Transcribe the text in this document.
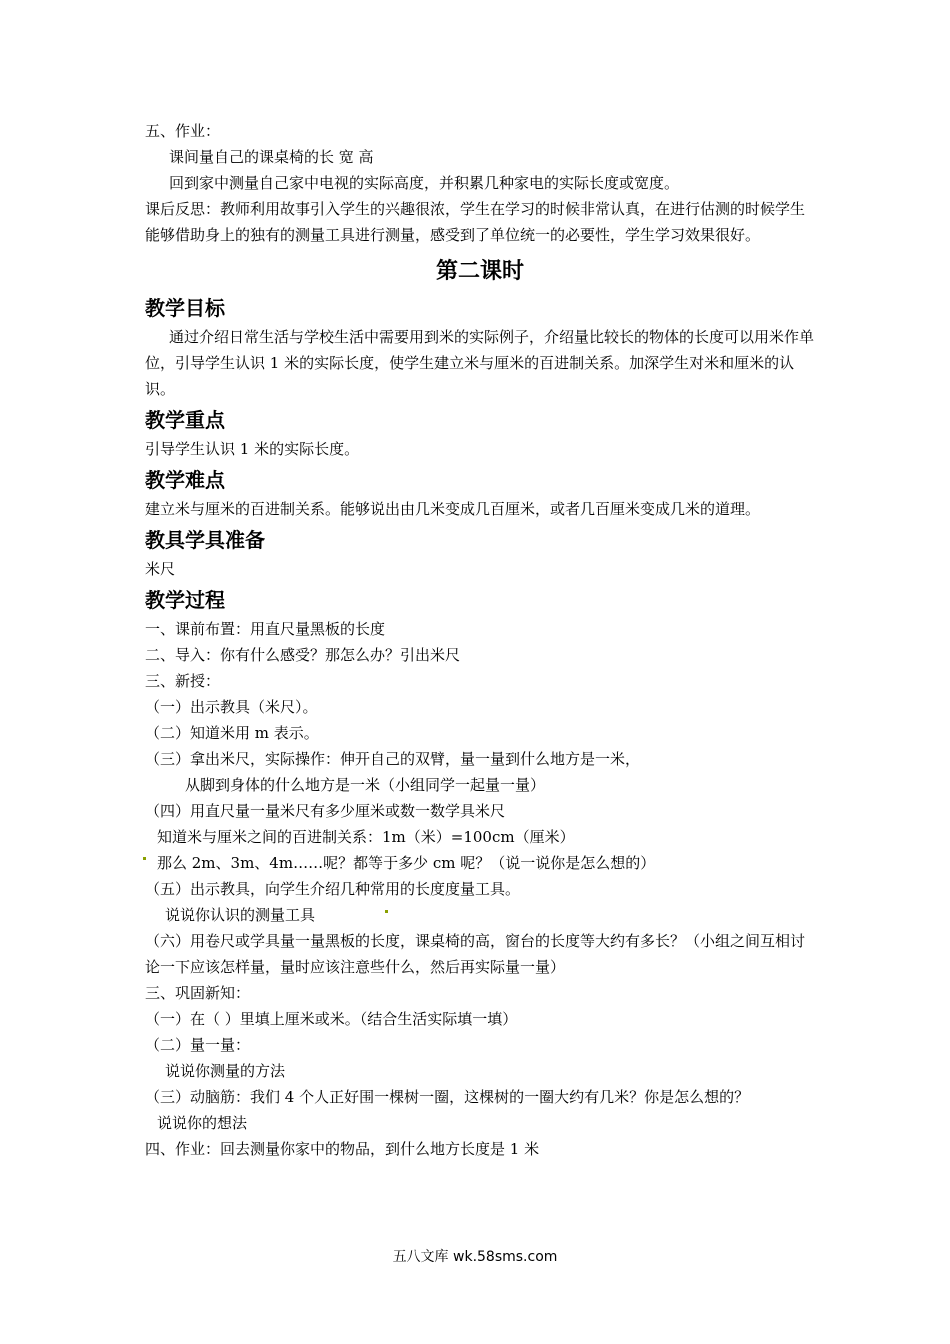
五、作业：
课间量自己的课桌椅的长 宽 高
回到家中测量自己家中电视的实际高度，并积累几种家电的实际长度或宽度。
课后反思：教师利用故事引入学生的兴趣很浓，学生在学习的时候非常认真，在进行估测的时候学生能够借助身上的独有的测量工具进行测量，感受到了单位统一的必要性，学生学习效果很好。
第二课时
教学目标
通过介绍日常生活与学校生活中需要用到米的实际例子，介绍量比较长的物体的长度可以用米作单位，引导学生认识 1 米的实际长度，使学生建立米与厘米的百进制关系。加深学生对米和厘米的认识。
教学重点
引导学生认识 1 米的实际长度。
教学难点
建立米与厘米的百进制关系。能够说出由几米变成几百厘米，或者几百厘米变成几米的道理。
教具学具准备
米尺
教学过程
一、课前布置：用直尺量黑板的长度
二、导入：你有什么感受？那怎么办？引出米尺
三、新授：
（一）出示教具（米尺）。
（二）知道米用 m 表示。
（三）拿出米尺，实际操作：伸开自己的双臂，量一量到什么地方是一米，
从脚到身体的什么地方是一米（小组同学一起量一量）
（四）用直尺量一量米尺有多少厘米或数一数学具米尺
知道米与厘米之间的百进制关系：1m（米）=100cm（厘米）
那么 2m、3m、4m……呢？都等于多少 cm 呢？（说一说你是怎么想的）
（五）出示教具，向学生介绍几种常用的长度度量工具。
说说你认识的测量工具
（六）用卷尺或学具量一量黑板的长度，课桌椅的高，窗台的长度等大约有多长？（小组之间互相讨论一下应该怎样量，量时应该注意些什么，然后再实际量一量）
三、巩固新知：
（一）在（ ）里填上厘米或米。（结合生活实际填一填）
（二）量一量：
说说你测量的方法
（三）动脑筋：我们 4 个人正好围一棵树一圈，这棵树的一圈大约有几米？你是怎么想的？
说说你的想法
四、作业：回去测量你家中的物品，到什么地方长度是 1 米
五八文库 wk.58sms.com
